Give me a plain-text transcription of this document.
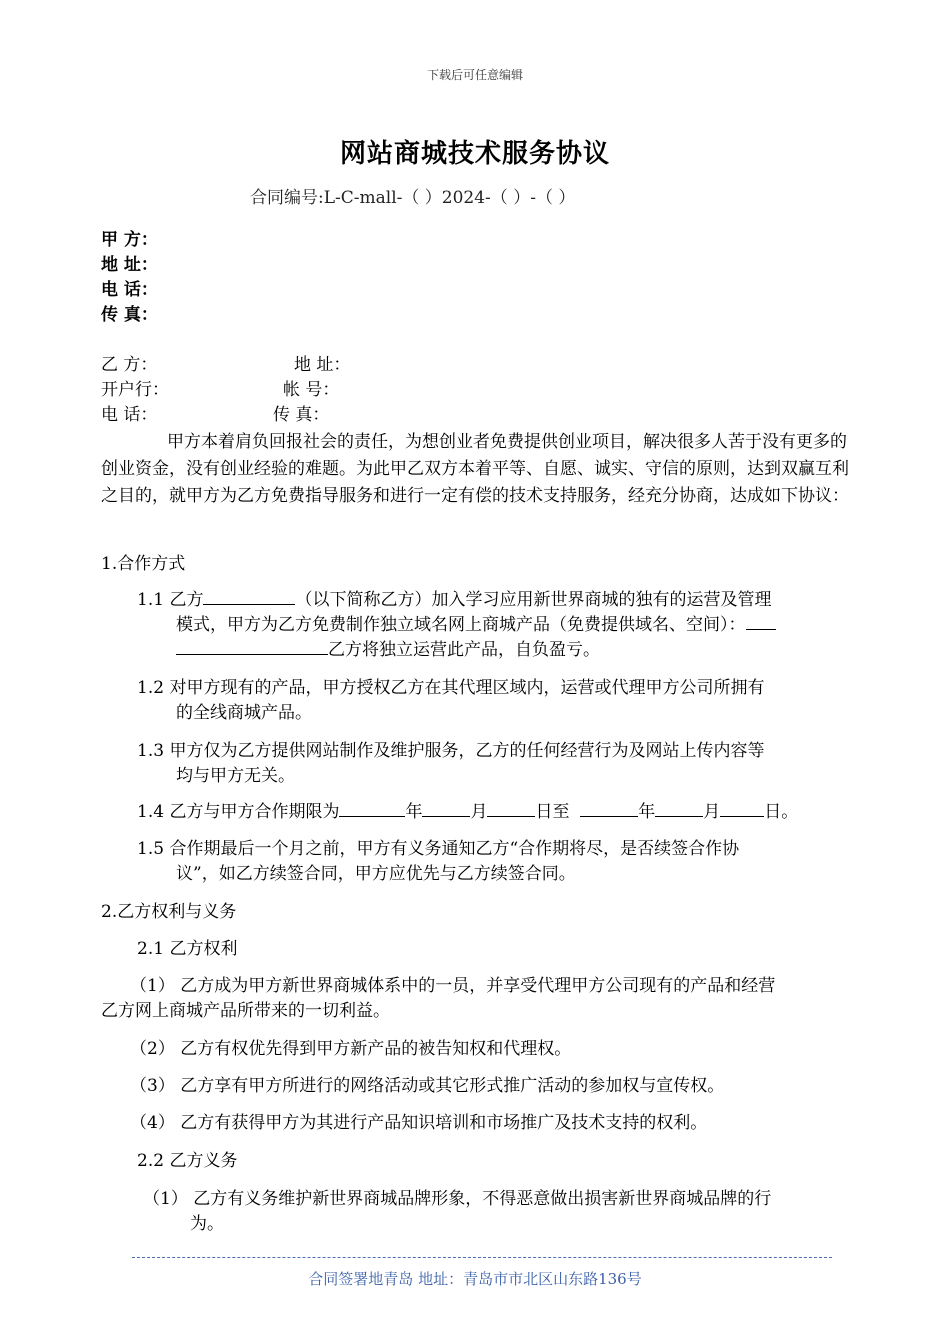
下载后可任意编辑
网站商城技术服务协议
合同编号:L-C-mall-（ ）2024-（ ）-（ ）
甲 方：
地 址：
电 话：
传 真：
乙 方：	地 址：
开户行：	帐 号：
电 话：	传 真：
甲方本着肩负回报社会的责任，为想创业者免费提供创业项目，解决很多人苦于没有更多的创业资金，没有创业经验的难题。为此甲乙双方本着平等、自愿、诚实、守信的原则，达到双赢互利之目的，就甲方为乙方免费指导服务和进行一定有偿的技术支持服务，经充分协商，达成如下协议：
1.合作方式
1.1 乙方	（以下简称乙方）加入学习应用新世界商城的独有的运营及管理
模式，甲方为乙方免费制作独立域名网上商城产品（免费提供域名、空间）：
乙方将独立运营此产品，自负盈亏。
1.2 对甲方现有的产品，甲方授权乙方在其代理区域内，运营或代理甲方公司所拥有
的全线商城产品。
1.3 甲方仅为乙方提供网站制作及维护服务，乙方的任何经营行为及网站上传内容等
均与甲方无关。
1.4 乙方与甲方合作期限为	年	月	日至	年	月	日。
1.5 合作期最后一个月之前，甲方有义务通知乙方“合作期将尽，是否续签合作协
议”，如乙方续签合同，甲方应优先与乙方续签合同。
2.乙方权利与义务
2.1 乙方权利
（1） 乙方成为甲方新世界商城体系中的一员，并享受代理甲方公司现有的产品和经营
乙方网上商城产品所带来的一切利益。
（2） 乙方有权优先得到甲方新产品的被告知权和代理权。
（3） 乙方享有甲方所进行的网络活动或其它形式推广活动的参加权与宣传权。
（4） 乙方有获得甲方为其进行产品知识培训和市场推广及技术支持的权利。
2.2 乙方义务
（1） 乙方有义务维护新世界商城品牌形象，不得恶意做出损害新世界商城品牌的行
为。
合同签署地青岛 地址：青岛市市北区山东路136号
